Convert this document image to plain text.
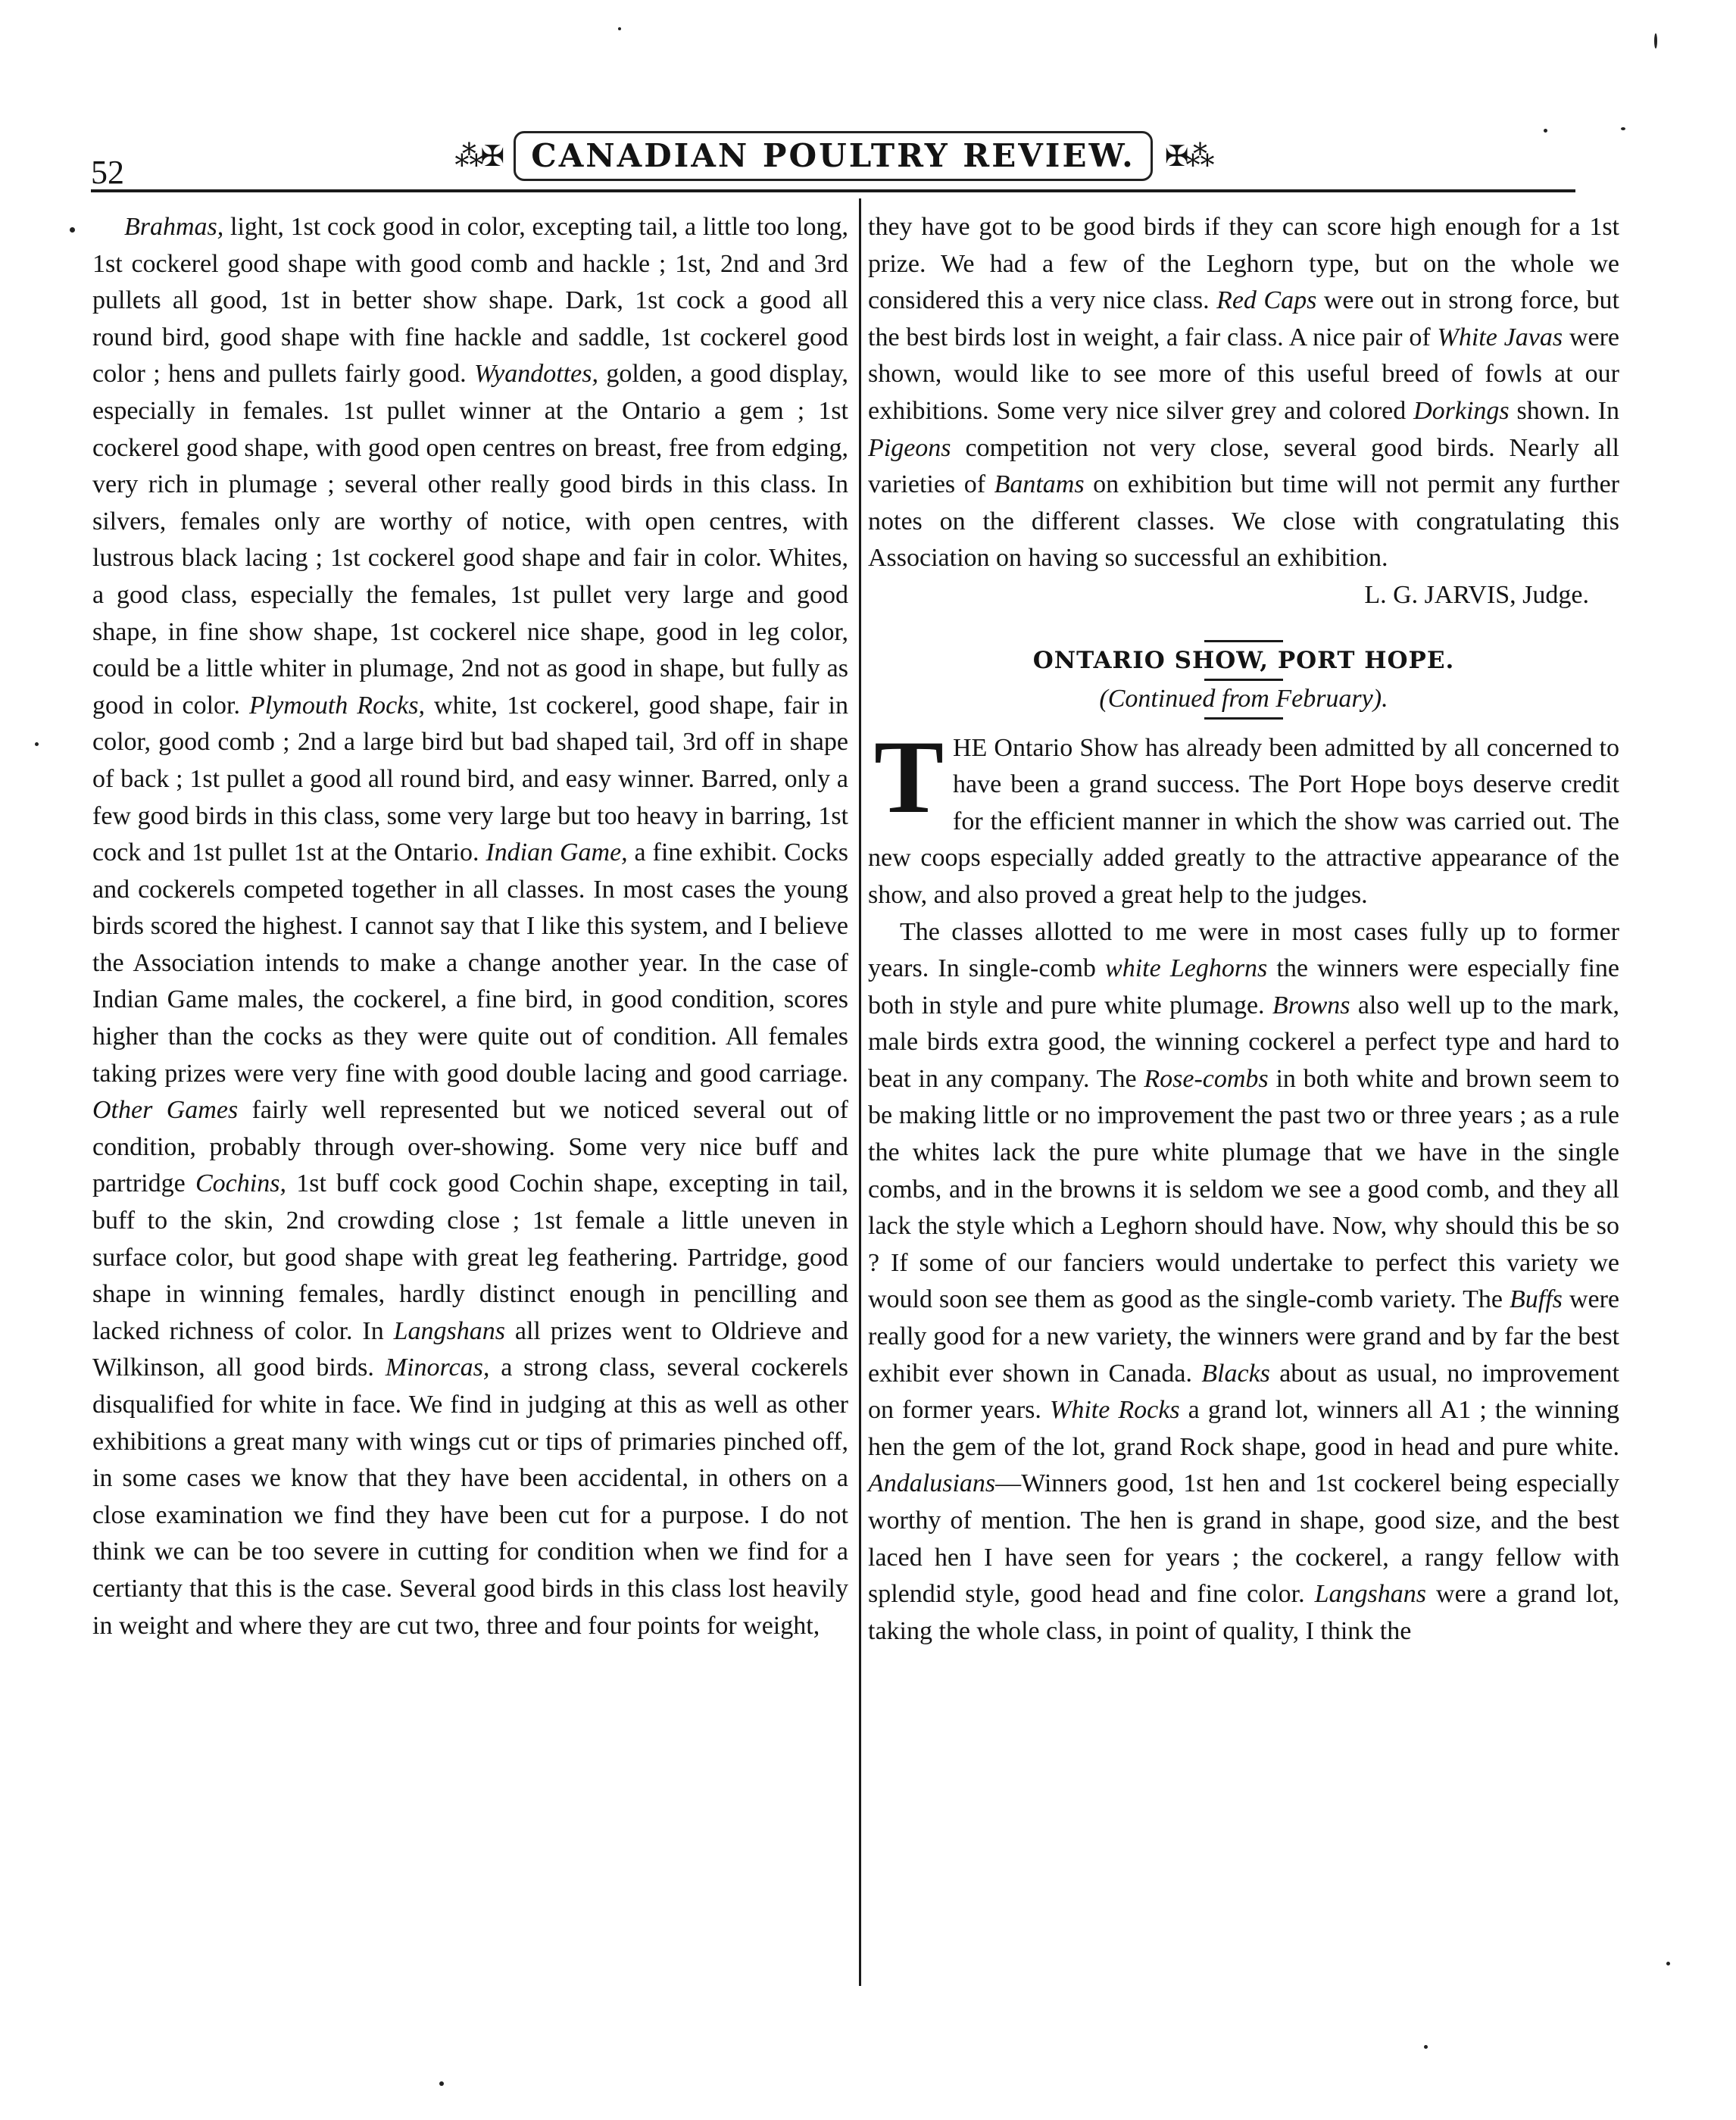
52	⁂✠ CANADIAN POULTRY REVIEW.	✠⁂

Brahmas, light, 1st cock good in color, excepting tail, a little too long, 1st cockerel good shape with good comb and hackle ; 1st, 2nd and 3rd pullets all good, 1st in better show shape. Dark, 1st cock a good all round bird, good shape with fine hackle and saddle, 1st cockerel good color ; hens and pullets fairly good. Wyandottes, golden, a good display, especially in females. 1st pullet winner at the Ontario a gem ; 1st cockerel good shape, with good open centres on breast, free from edging, very rich in plumage ; several other really good birds in this class. In silvers, females only are worthy of notice, with open centres, with lustrous black lacing ; 1st cockerel good shape and fair in color. Whites, a good class, especially the females, 1st pullet very large and good shape, in fine show shape, 1st cockerel nice shape, good in leg color, could be a little whiter in plumage, 2nd not as good in shape, but fully as good in color. Plymouth Rocks, white, 1st cockerel, good shape, fair in color, good comb ; 2nd a large bird but bad shaped tail, 3rd off in shape of back ; 1st pullet a good all round bird, and easy winner. Barred, only a few good birds in this class, some very large but too heavy in barring, 1st cock and 1st pullet 1st at the Ontario. Indian Game, a fine exhibit. Cocks and cockerels competed together in all classes. In most cases the young birds scored the highest. I cannot say that I like this system, and I believe the Association intends to make a change another year. In the case of Indian Game males, the cockerel, a fine bird, in good condition, scores higher than the cocks as they were quite out of condition. All females taking prizes were very fine with good double lacing and good carriage. Other Games fairly well represented but we noticed several out of condition, probably through over-showing. Some very nice buff and partridge Cochins, 1st buff cock good Cochin shape, excepting in tail, buff to the skin, 2nd crowding close ; 1st female a little uneven in surface color, but good shape with great leg feathering. Partridge, good shape in winning females, hardly distinct enough in pencilling and lacked richness of color. In Langshans all prizes went to Oldrieve and Wilkinson, all good birds. Minorcas, a strong class, several cockerels disqualified for white in face. We find in judging at this as well as other exhibitions a great many with wings cut or tips of primaries pinched off, in some cases we know that they have been accidental, in others on a close examination we find they have been cut for a purpose. I do not think we can be too severe in cutting for condition when we find for a certianty that this is the case. Several good birds in this class lost heavily in weight and where they are cut two, three and four points for weight,

they have got to be good birds if they can score high enough for a 1st prize. We had a few of the Leghorn type, but on the whole we considered this a very nice class. Red Caps were out in strong force, but the best birds lost in weight, a fair class. A nice pair of White Javas were shown, would like to see more of this useful breed of fowls at our exhibitions. Some very nice silver grey and colored Dorkings shown. In Pigeons competition not very close, several good birds. Nearly all varieties of Bantams on exhibition but time will not permit any further notes on the different classes. We close with congratulating this Association on having so successful an exhibition.

L. G. JARVIS, Judge.

ONTARIO SHOW, PORT HOPE.

(Continued from February).

THE Ontario Show has already been admitted by all concerned to have been a grand success. The Port Hope boys deserve credit for the efficient manner in which the show was carried out. The new coops especially added greatly to the attractive appearance of the show, and also proved a great help to the judges.

The classes allotted to me were in most cases fully up to former years. In single-comb white Leghorns the winners were especially fine both in style and pure white plumage. Browns also well up to the mark, male birds extra good, the winning cockerel a perfect type and hard to beat in any company. The Rose-combs in both white and brown seem to be making little or no improvement the past two or three years ; as a rule the whites lack the pure white plumage that we have in the single combs, and in the browns it is seldom we see a good comb, and they all lack the style which a Leghorn should have. Now, why should this be so ? If some of our fanciers would undertake to perfect this variety we would soon see them as good as the single-comb variety. The Buffs were really good for a new variety, the winners were grand and by far the best exhibit ever shown in Canada. Blacks about as usual, no improvement on former years. White Rocks a grand lot, winners all A1 ; the winning hen the gem of the lot, grand Rock shape, good in head and pure white. Andalusians—Winners good, 1st hen and 1st cockerel being especially worthy of mention. The hen is grand in shape, good size, and the best laced hen I have seen for years ; the cockerel, a rangy fellow with splendid style, good head and fine color. Langshans were a grand lot, taking the whole class, in point of quality, I think the
